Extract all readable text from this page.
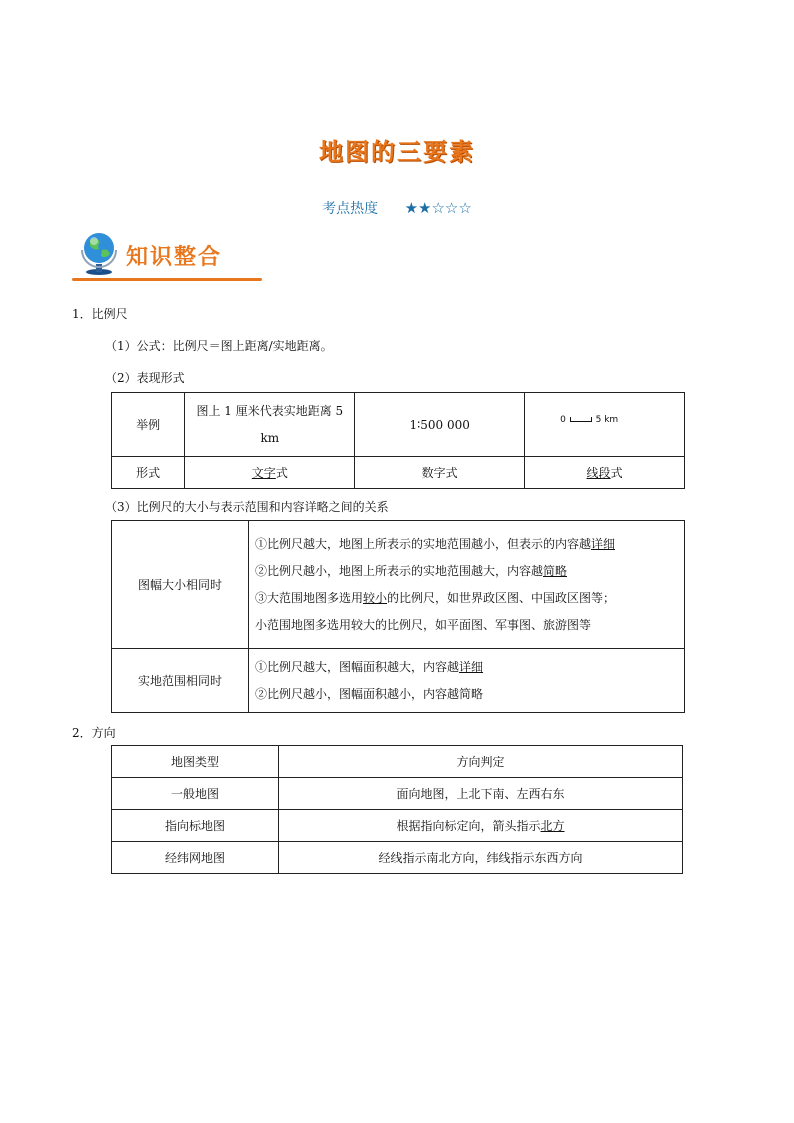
地图的三要素
考点热度 ★★☆☆☆
知识整合
1．比例尺
（1）公式：比例尺＝图上距离/实地距离。
（2）表现形式
举例	图上 1 厘米代表实地距离 5
km	1∶500 000	0 5 km

形式	文字式	数字式	线段式
（3）比例尺的大小与表示范围和内容详略之间的关系
图幅大小相同时	①比例尺越大，地图上所表示的实地范围越小，但表示的内容越详细
②比例尺越小，地图上所表示的实地范围越大，内容越简略
③大范围地图多选用较小的比例尺，如世界政区图、中国政区图等；
小范围地图多选用较大的比例尺，如平面图、军事图、旅游图等

实地范围相同时	①比例尺越大，图幅面积越大，内容越详细
②比例尺越小，图幅面积越小，内容越简略
2．方向
地图类型	方向判定
一般地图	面向地图，上北下南、左西右东
指向标地图	根据指向标定向，箭头指示北方
经纬网地图	经线指示南北方向，纬线指示东西方向
